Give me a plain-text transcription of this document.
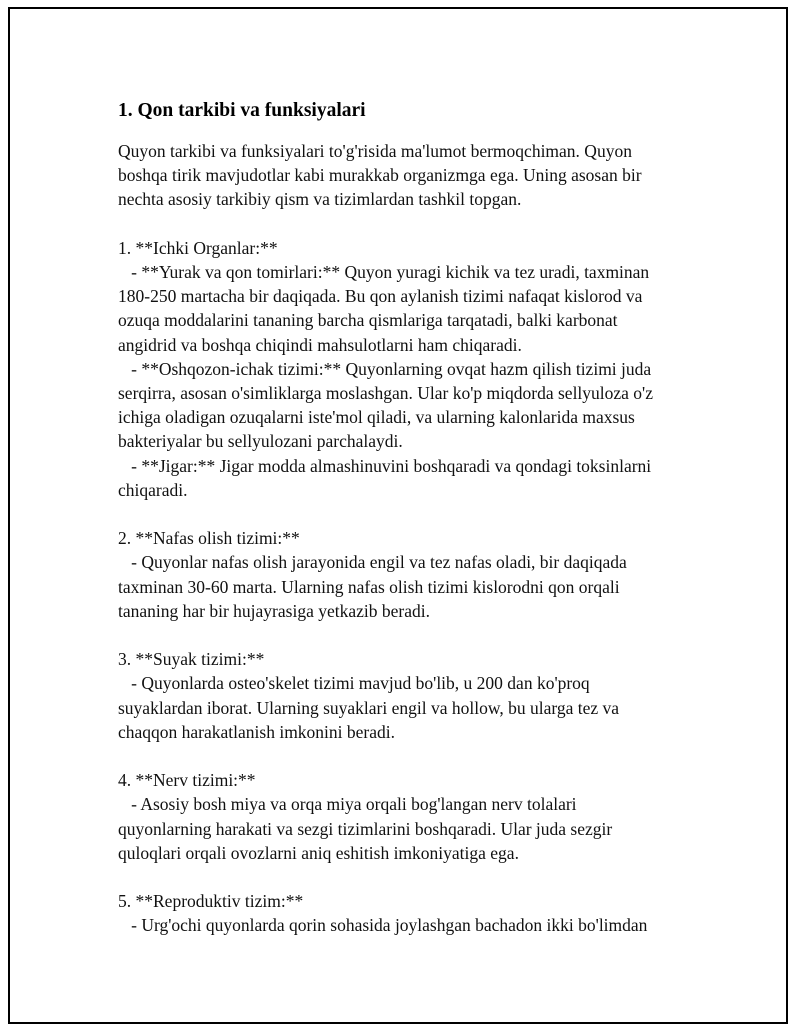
1. Qon tarkibi va funksiyalari
Quyon tarkibi va funksiyalari to'g'risida ma'lumot bermoqchiman. Quyon
boshqa tirik mavjudotlar kabi murakkab organizmga ega. Uning asosan bir
nechta asosiy tarkibiy qism va tizimlardan tashkil topgan.
1. **Ichki Organlar:**
- **Yurak va qon tomirlari:** Quyon yuragi kichik va tez uradi, taxminan
180-250 martacha bir daqiqada. Bu qon aylanish tizimi nafaqat kislorod va
ozuqa moddalarini tananing barcha qismlariga tarqatadi, balki karbonat
angidrid va boshqa chiqindi mahsulotlarni ham chiqaradi.
- **Oshqozon-ichak tizimi:** Quyonlarning ovqat hazm qilish tizimi juda
serqirra, asosan o'simliklarga moslashgan. Ular ko'p miqdorda sellyuloza o'z
ichiga oladigan ozuqalarni iste'mol qiladi, va ularning kalonlarida maxsus
bakteriyalar bu sellyulozani parchalaydi.
- **Jigar:** Jigar modda almashinuvini boshqaradi va qondagi toksinlarni
chiqaradi.
2. **Nafas olish tizimi:**
- Quyonlar nafas olish jarayonida engil va tez nafas oladi, bir daqiqada
taxminan 30-60 marta. Ularning nafas olish tizimi kislorodni qon orqali
tananing har bir hujayrasiga yetkazib beradi.
3. **Suyak tizimi:**
- Quyonlarda osteo'skelet tizimi mavjud bo'lib, u 200 dan ko'proq
suyaklardan iborat. Ularning suyaklari engil va hollow, bu ularga tez va
chaqqon harakatlanish imkonini beradi.
4. **Nerv tizimi:**
- Asosiy bosh miya va orqa miya orqali bog'langan nerv tolalari
quyonlarning harakati va sezgi tizimlarini boshqaradi. Ular juda sezgir
quloqlari orqali ovozlarni aniq eshitish imkoniyatiga ega.
5. **Reproduktiv tizim:**
- Urg'ochi quyonlarda qorin sohasida joylashgan bachadon ikki bo'limdan
